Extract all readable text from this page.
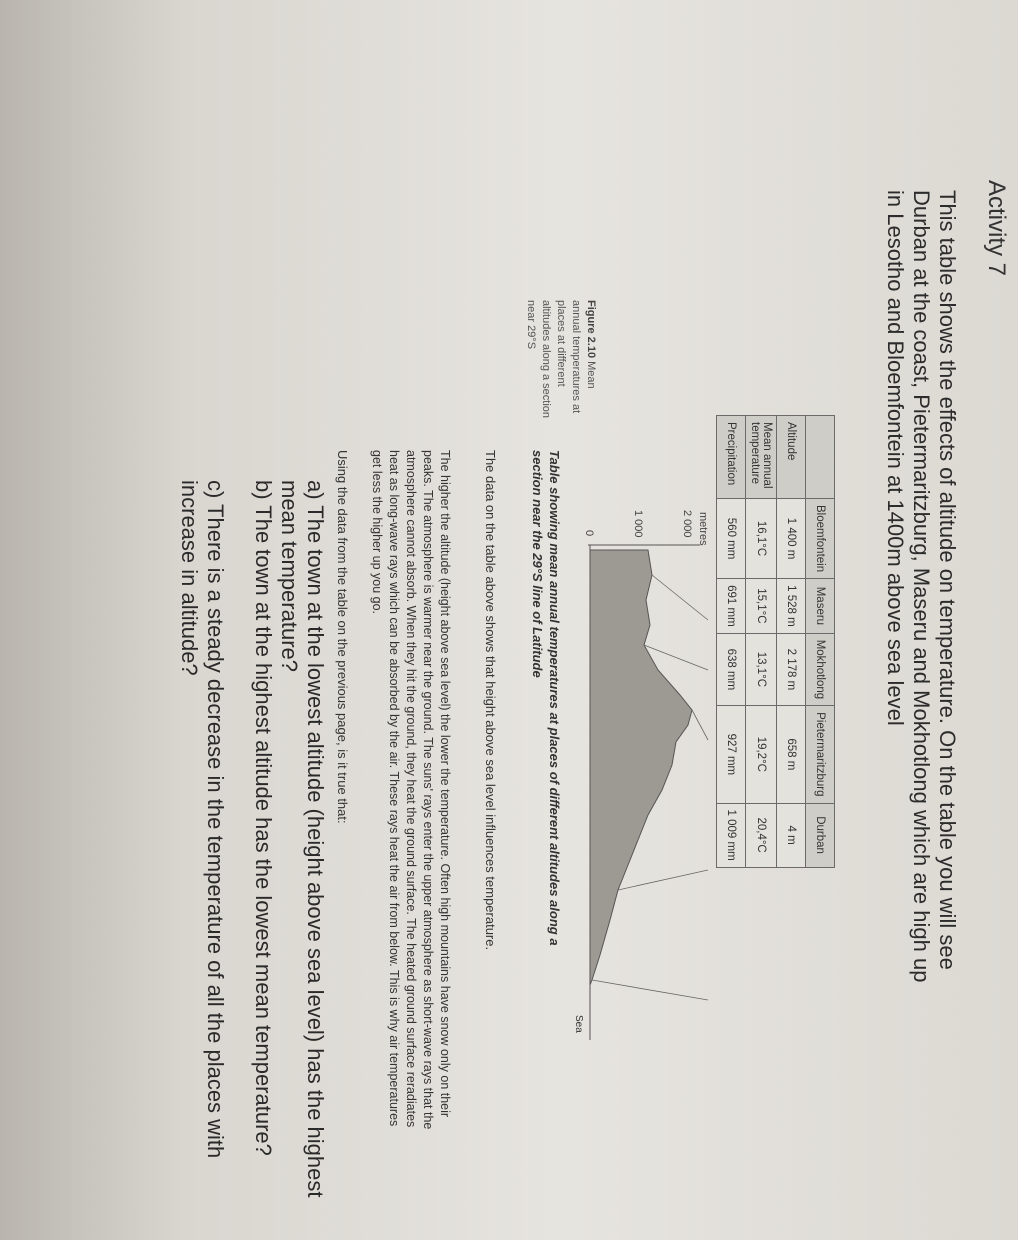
Activity 7
This table shows the effects of altitude on temperature. On the table you will see Durban at the coast, Pietermaritzburg, Maseru and Mokhotlong which are high up in Lesotho and Bloemfontein at 1400m above sea level
	Bloemfontein	Maseru	Mokhotlong	Pietermaritzburg	Durban
Altitude	1 400 m	1 528 m	2 178 m	658 m	4 m
Mean annual temperature	16,1°C	15,1°C	13,1°C	19,2°C	20,4°C
Precipitation	560 mm	691 mm	638 mm	927 mm	1 009 mm
metres
2 000
1 000
0
Sea
Figure 2.10 Mean annual temperatures at places at different altitudes along a section near 29°S
Table showing mean annual temperatures at places of different altitudes along a section near the 29°S line of Latitude
The data on the table above shows that height above sea level influences temperature.
The higher the altitude (height above sea level) the lower the temperature. Often high mountains have snow only on their peaks. The atmosphere is warmer near the ground. The suns' rays enter the upper atmosphere as short-wave rays that the atmosphere cannot absorb. When they hit the ground, they heat the ground surface. The heated ground surface reradiates heat as long-wave rays which can be absorbed by the air. These rays heat the air from below. This is why air temperatures get less the higher up you go.
Using the data from the table on the previous page, is it true that:
a) The town at the lowest altitude (height above sea level) has the highest mean temperature?
b) The town at the highest altitude has the lowest mean temperature?
c) There is a steady decrease in the temperature of all the places with increase in altitude?
